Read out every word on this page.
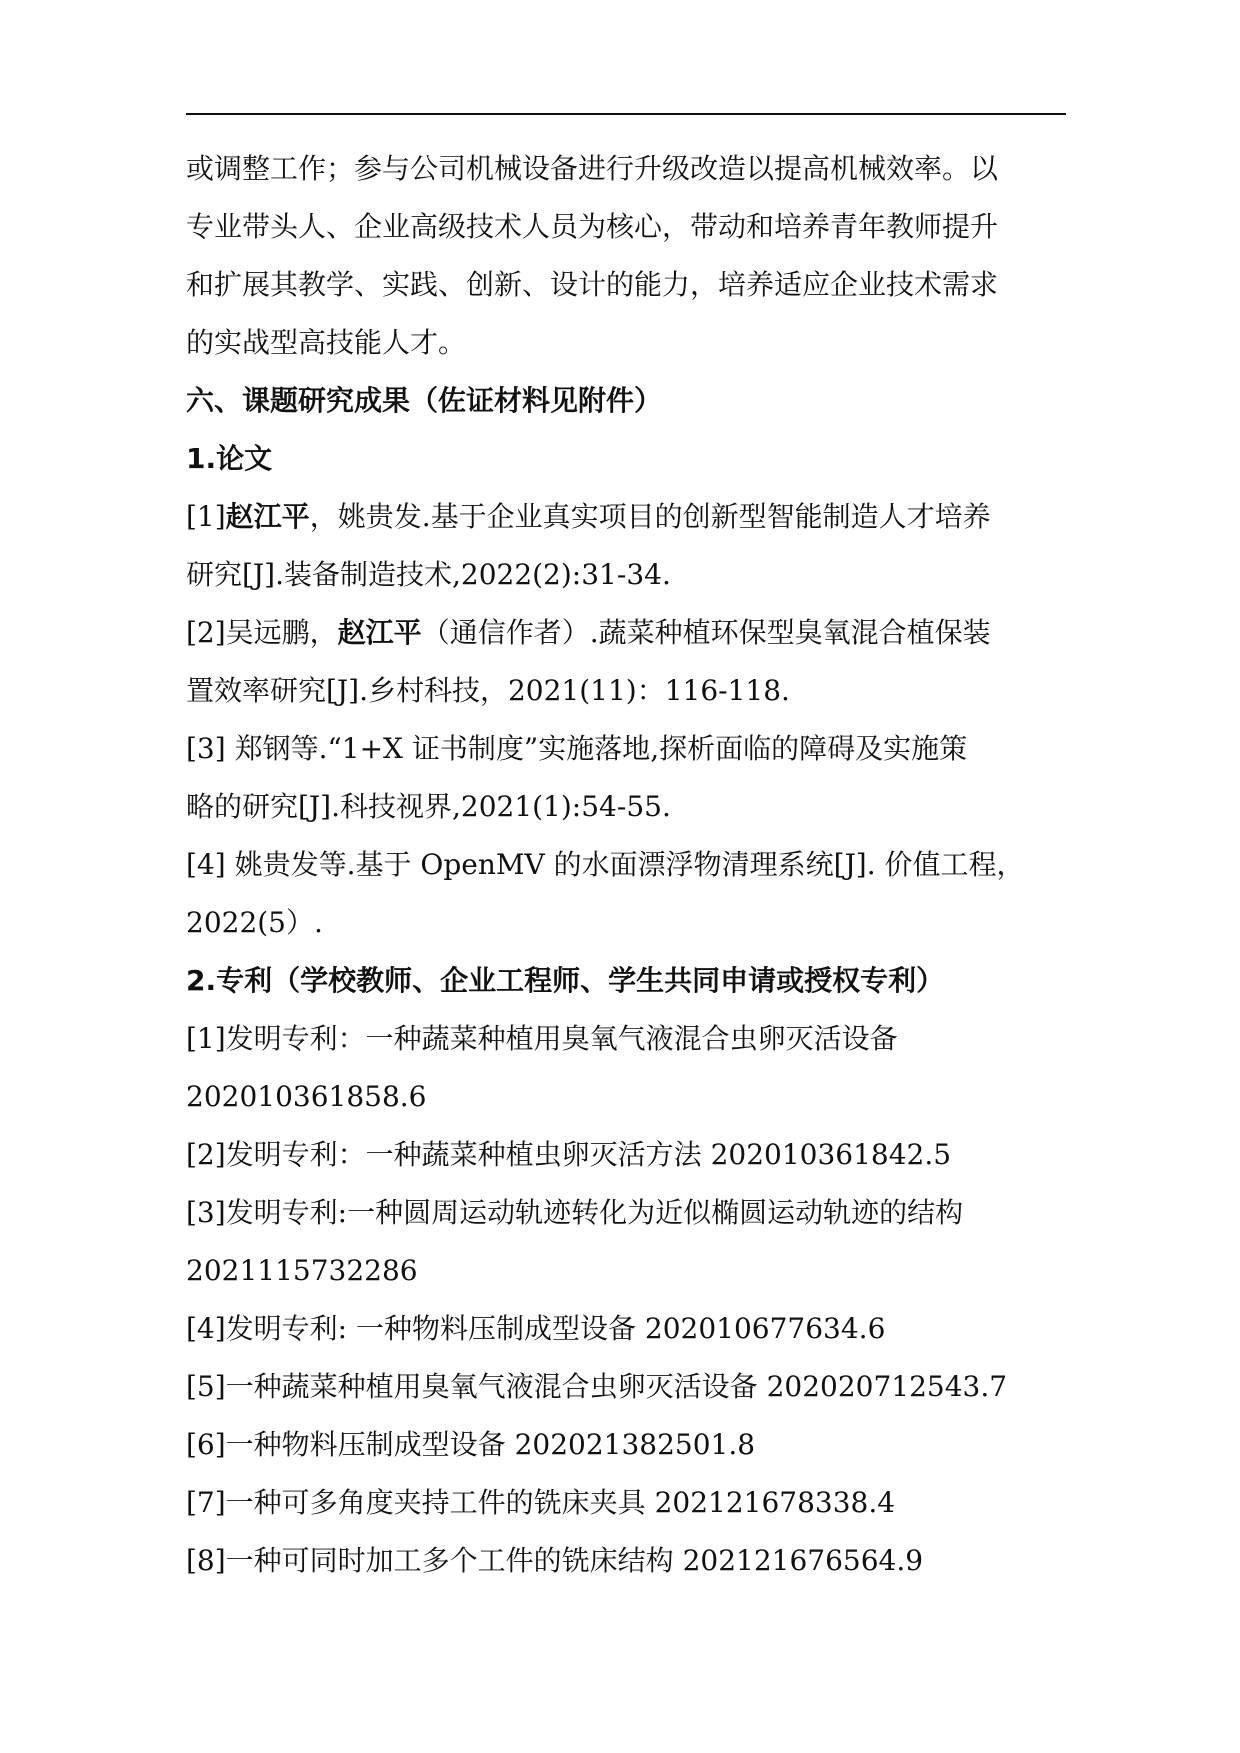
或调整工作；参与公司机械设备进行升级改造以提高机械效率。以
专业带头人、企业高级技术人员为核心，带动和培养青年教师提升
和扩展其教学、实践、创新、设计的能力，培养适应企业技术需求
的实战型高技能人才。
六、课题研究成果（佐证材料见附件）
1.论文
[1]赵江平，姚贵发.基于企业真实项目的创新型智能制造人才培养
研究[J].装备制造技术,2022(2):31-34.
[2]吴远鹏，赵江平（通信作者）.蔬菜种植环保型臭氧混合植保装
置效率研究[J].乡村科技，2021(11)：116-118.
[3] 郑钢等.“1+X 证书制度”实施落地,探析面临的障碍及实施策
略的研究[J].科技视界,2021(1):54-55.
[4] 姚贵发等.基于 OpenMV 的水面漂浮物清理系统[J]. 价值工程，
2022(5）.
2.专利（学校教师、企业工程师、学生共同申请或授权专利）
[1]发明专利：一种蔬菜种植用臭氧气液混合虫卵灭活设备
202010361858.6
[2]发明专利：一种蔬菜种植虫卵灭活方法 202010361842.5
[3]发明专利:一种圆周运动轨迹转化为近似椭圆运动轨迹的结构
2021115732286
[4]发明专利: 一种物料压制成型设备 202010677634.6
[5]一种蔬菜种植用臭氧气液混合虫卵灭活设备 202020712543.7
[6]一种物料压制成型设备 202021382501.8
[7]一种可多角度夹持工件的铣床夹具 202121678338.4
[8]一种可同时加工多个工件的铣床结构 202121676564.9
